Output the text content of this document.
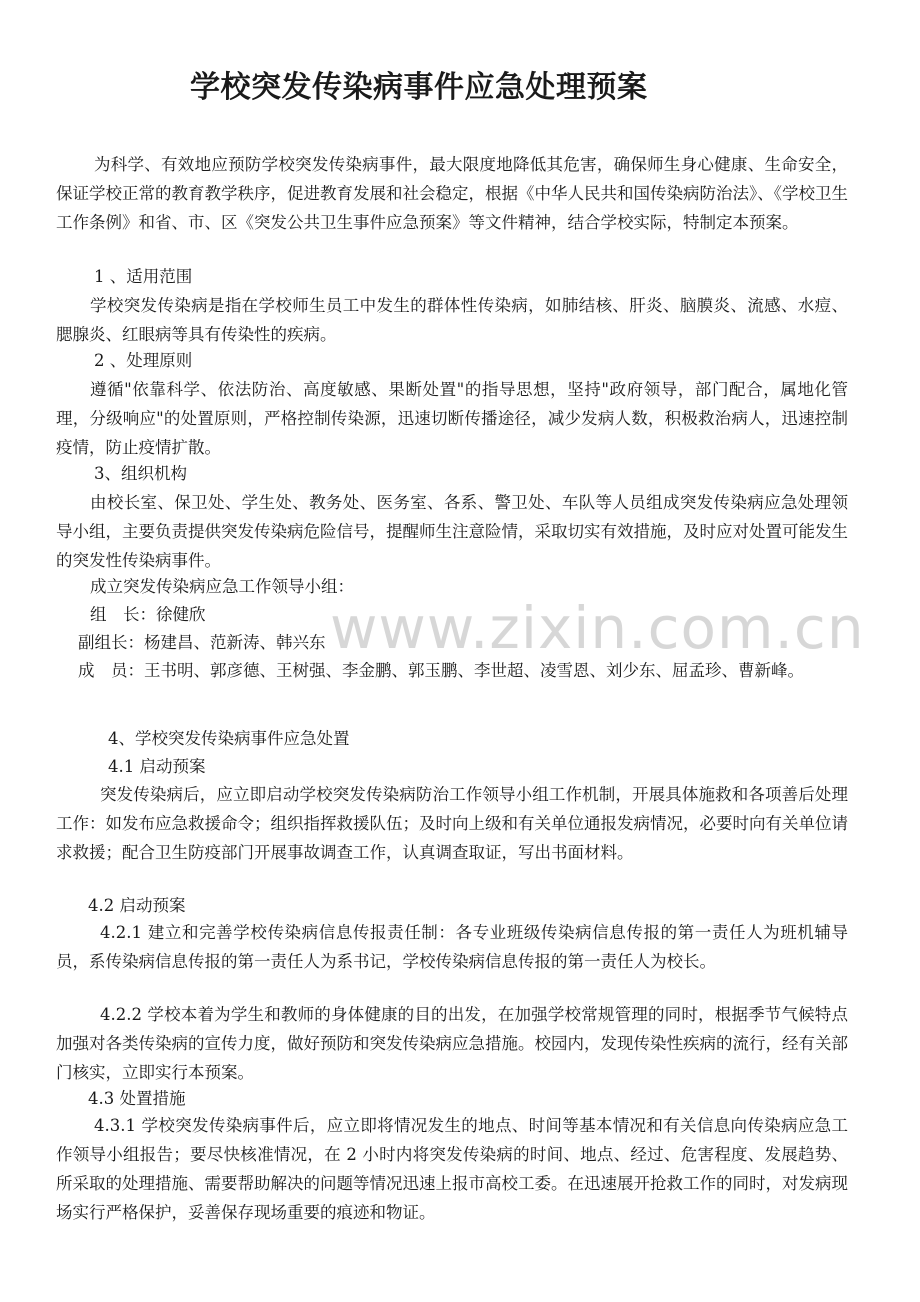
学校突发传染病事件应急处理预案

为科学、有效地应预防学校突发传染病事件，最大限度地降低其危害，确保师生身心健康、生命安全，保证学校正常的教育教学秩序，促进教育发展和社会稳定，根据《中华人民共和国传染病防治法》、《学校卫生工作条例》和省、市、区《突发公共卫生事件应急预案》等文件精神，结合学校实际，特制定本预案。

1 、适用范围

学校突发传染病是指在学校师生员工中发生的群体性传染病，如肺结核、肝炎、脑膜炎、流感、水痘、腮腺炎、红眼病等具有传染性的疾病。

2 、处理原则

遵循"依靠科学、依法防治、高度敏感、果断处置"的指导思想，坚持"政府领导，部门配合，属地化管理，分级响应"的处置原则，严格控制传染源，迅速切断传播途径，减少发病人数，积极救治病人，迅速控制疫情，防止疫情扩散。

3、组织机构

由校长室、保卫处、学生处、教务处、医务室、各系、警卫处、车队等人员组成突发传染病应急处理领导小组，主要负责提供突发传染病危险信号，提醒师生注意险情，采取切实有效措施，及时应对处置可能发生的突发性传染病事件。

成立突发传染病应急工作领导小组：
组　长：徐健欣
副组长：杨建昌、范新涛、韩兴东

成　员：王书明、郭彦德、王树强、李金鹏、郭玉鹏、李世超、凌雪恩、刘少东、屈孟珍、曹新峰。

4、学校突发传染病事件应急处置
4.1 启动预案

突发传染病后，应立即启动学校突发传染病防治工作领导小组工作机制，开展具体施救和各项善后处理工作：如发布应急救援命令；组织指挥救援队伍；及时向上级和有关单位通报发病情况，必要时向有关单位请求救援；配合卫生防疫部门开展事故调查工作，认真调查取证，写出书面材料。

4.2 启动预案

4.2.1 建立和完善学校传染病信息传报责任制：各专业班级传染病信息传报的第一责任人为班机辅导员，系传染病信息传报的第一责任人为系书记，学校传染病信息传报的第一责任人为校长。

4.2.2 学校本着为学生和教师的身体健康的目的出发，在加强学校常规管理的同时，根据季节气候特点加强对各类传染病的宣传力度，做好预防和突发传染病应急措施。校园内，发现传染性疾病的流行，经有关部门核实，立即实行本预案。

4.3 处置措施

4.3.1 学校突发传染病事件后，应立即将情况发生的地点、时间等基本情况和有关信息向传染病应急工作领导小组报告；要尽快核准情况，在 2 小时内将突发传染病的时间、地点、经过、危害程度、发展趋势、所采取的处理措施、需要帮助解决的问题等情况迅速上报市高校工委。在迅速展开抢救工作的同时，对发病现场实行严格保护，妥善保存现场重要的痕迹和物证。

www.zixin.com.cn
